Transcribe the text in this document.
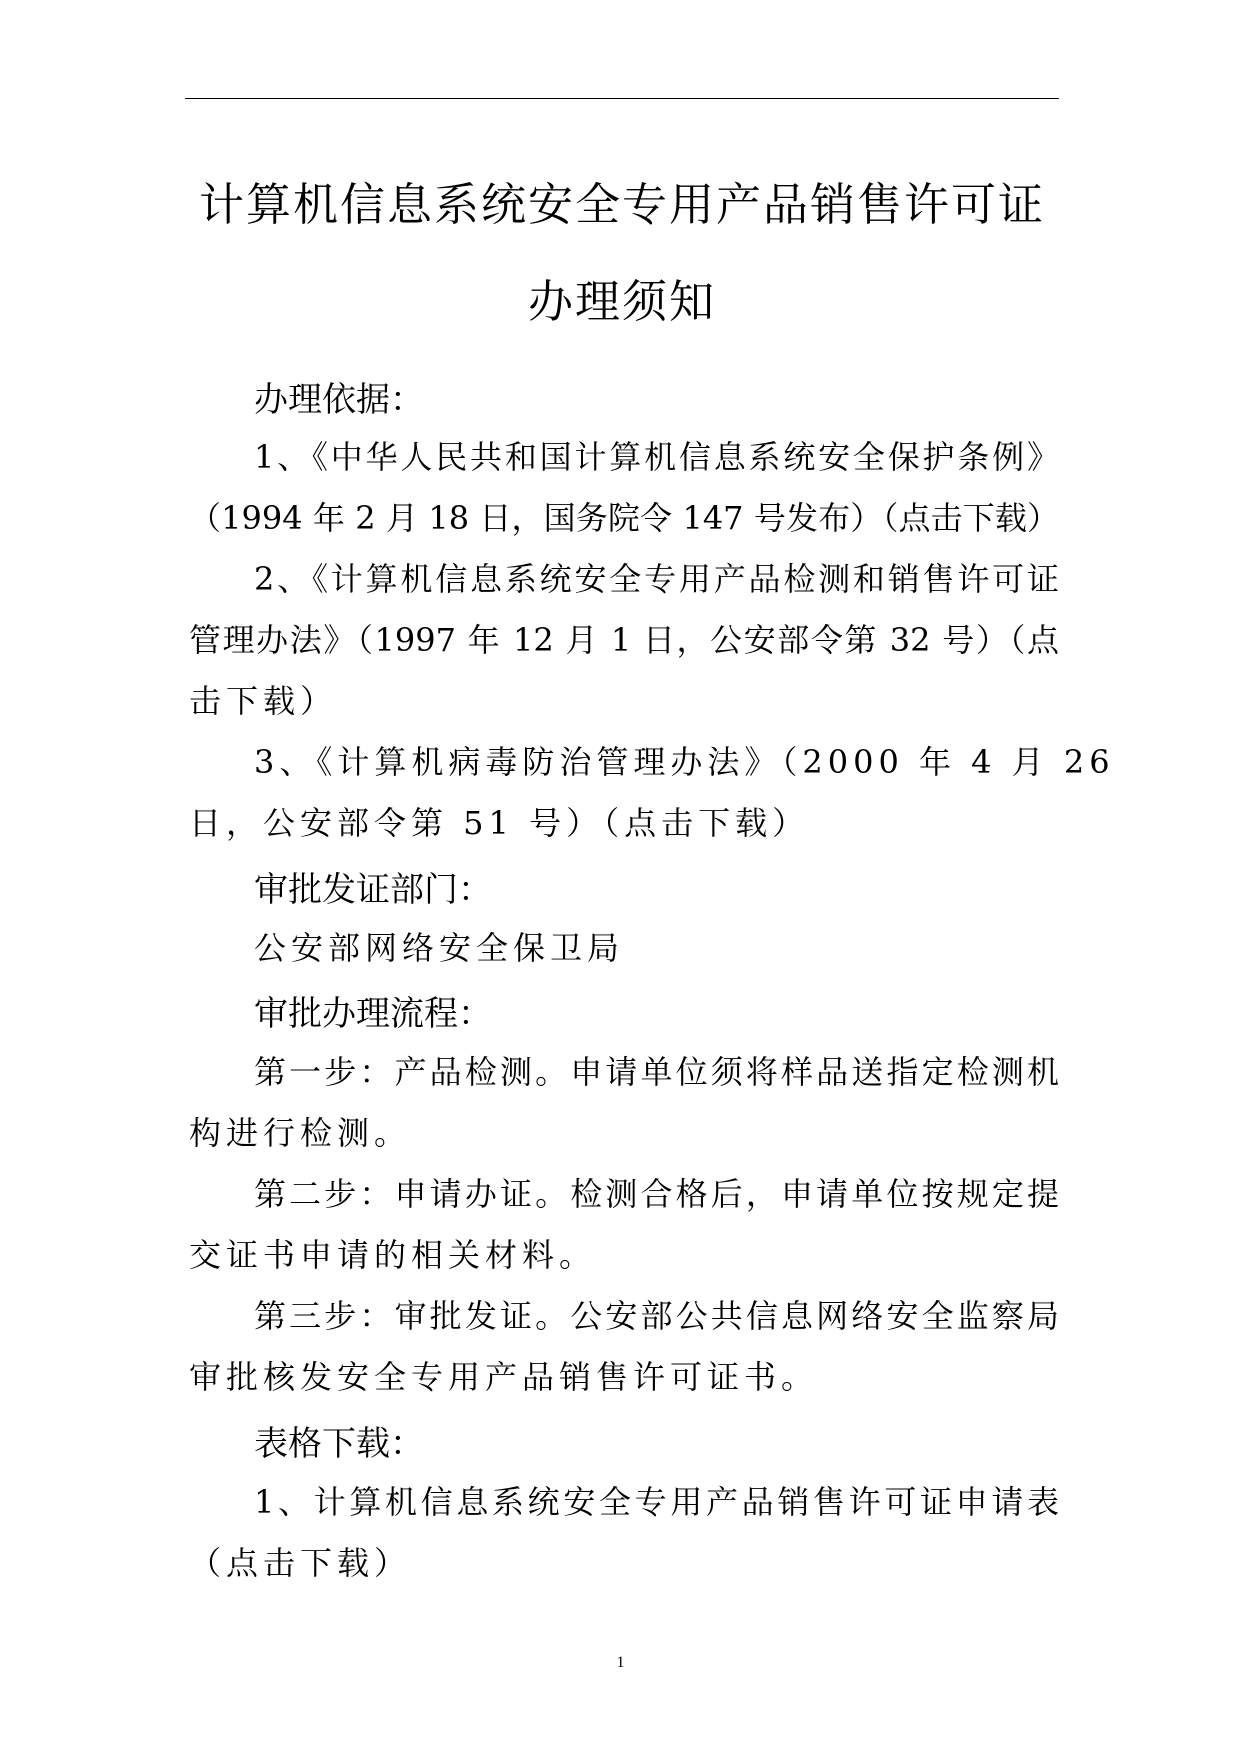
计算机信息系统安全专用产品销售许可证
办理须知
办理依据：
1、《中华人民共和国计算机信息系统安全保护条例》
（1994 年 2 月 18 日，国务院令 147 号发布）（点击下载）
2、《计算机信息系统安全专用产品检测和销售许可证
管理办法》（1997 年 12 月 1 日，公安部令第 32 号）（点
击下载）
3、《计算机病毒防治管理办法》（2000 年 4 月 26
日，公安部令第 51 号）（点击下载）
审批发证部门：
公安部网络安全保卫局
审批办理流程：
第一步：产品检测。申请单位须将样品送指定检测机
构进行检测。
第二步：申请办证。检测合格后，申请单位按规定提
交证书申请的相关材料。
第三步：审批发证。公安部公共信息网络安全监察局
审批核发安全专用产品销售许可证书。
表格下载：
1、计算机信息系统安全专用产品销售许可证申请表
（点击下载）
1
